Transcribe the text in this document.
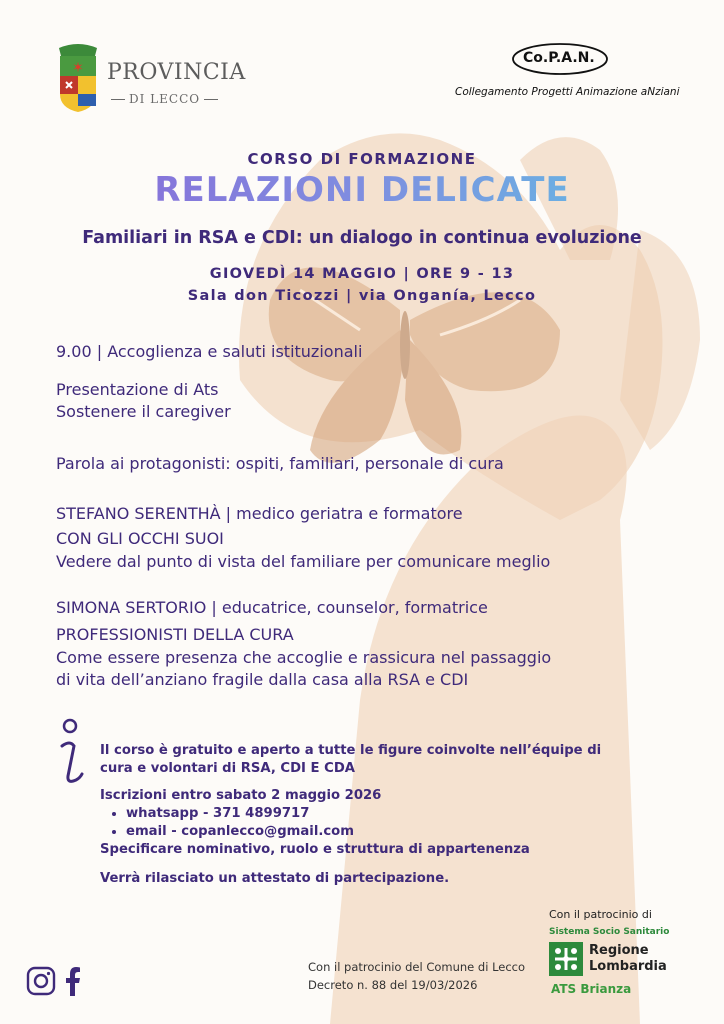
✶ PROVINCIA
DI LECCO
Co.P.A.N.
Collegamento Progetti Animazione aNziani
CORSO DI FORMAZIONE
RELAZIONI DELICATE
Familiari in RSA e CDI: un dialogo in continua evoluzione
GIOVEDÌ 14 MAGGIO | ORE 9 - 13
Sala don Ticozzi | via Onganía, Lecco
9.00 | Accoglienza e saluti istituzionali
Presentazione di Ats
Sostenere il caregiver
Parola ai protagonisti: ospiti, familiari, personale di cura
STEFANO SERENTHÀ | medico geriatra e formatore
CON GLI OCCHI SUOI
Vedere dal punto di vista del familiare per comunicare meglio
SIMONA SERTORIO | educatrice, counselor, formatrice
PROFESSIONISTI DELLA CURA
Come essere presenza che accoglie e rassicura nel passaggio
di vita dell’anziano fragile dalla casa alla RSA e CDI
Il corso è gratuito e aperto a tutte le figure coinvolte nell’équipe di
cura e volontari di RSA, CDI E CDA
Iscrizioni entro sabato 2 maggio 2026
• whatsapp - 371 4899717
• email - copanlecco@gmail.com
Specificare nominativo, ruolo e struttura di appartenenza
Verrà rilasciato un attestato di partecipazione.
Con il patrocinio del Comune di Lecco
Decreto n. 88 del 19/03/2026
Con il patrocinio di
Sistema Socio Sanitario
Regione
Lombardia
ATS Brianza
